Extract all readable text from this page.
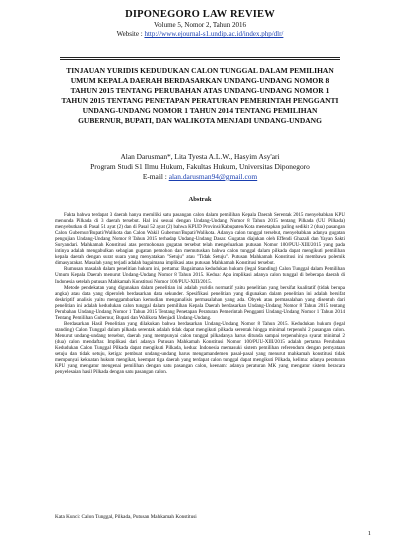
DIPONEGORO LAW REVIEW
Volume 5, Nomor 2, Tahun 2016
Website : http://www.ejournal-s1.undip.ac.id/index.php/dlr/
TINJAUAN YURIDIS KEDUDUKAN CALON TUNGGAL DALAM PEMILIHAN
UMUM KEPALA DAERAH BERDASARKAN UNDANG-UNDANG NOMOR 8
TAHUN 2015 TENTANG PERUBAHAN ATAS UNDANG-UNDANG NOMOR 1
TAHUN 2015 TENTANG PENETAPAN PERATURAN PEMERINTAH PENGGANTI
UNDANG-UNDANG NOMOR 1 TAHUN 2014 TENTANG PEMILIHAN
GUBERNUR, BUPATI, DAN WALIKOTA MENJADI UNDANG-UNDANG
Alan Darusman*, Lita Tyesta A.L.W., Hasyim Asy'ari
Program Studi S1 Ilmu Hukum, Fakultas Hukum, Universitas Diponegoro
E-mail : alan.darusman94@gmail.com
Abstrak

Fakta bahwa terdapat 3 daerah hanya memiliki satu pasangan calon dalam pemilihan Kepala Daerah Serentak 2015 menyebabkan KPU menunda Pilkada di 3 daerah tersebut. Hal ini sesuai dengan Undang-Undang Nomor 8 Tahun 2015 tentang Pilkada (UU Pilkada) menyebutkan di Pasal 51 ayat (2) dan di Pasal 52 ayat (2) bahwa KPUD Provinsi/Kabupaten/Kota menetapkan paling sedikit 2 (dua) pasangan Calon Gubernur/Bupati/Walikota dan Calon Wakil Gubernur/Bupati/Walikota. Adanya calon tunggal tersebut, menyebabkan adanya gugatan pengujian Undang-Undang Nomor 8 Tahun 2015 terhadap Undang-Undang Dasar. Gugatan diajukan oleh Effendi Ghazali dan Yayan Sakti Suryandari. Mahkamah Konstitusi atas permohonan gugatan tersebut telah mengeluarkan putusan Nomor 100/PUU-XIII/2015 yang pada intinya adalah mengabulkan sebagian gugatan pemohon dan memutuskan bahwa calon tunggal dalam pilkada dapat mengikuti pemilihan kepala daerah dengan surat suara yang menyatakan "Setuju" atau "Tidak Setuju". Putusan Mahkamah Konstitusi ini membawa polemik dimasyarakat. Masalah yang terjadi adalah bagaimana implikasi atas putusan Mahkamah Konstitusi tersebut.

Rumusan masalah dalam penelitian hukum ini, pertama: Bagaimana kedudukan hukum (legal Standing) Calon Tunggal dalam Pemilihan Umum Kepala Daerah menurut Undang-Undang Nomor 8 Tahun 2015. Kedua: Apa implikasi adanya calon tunggal di beberapa daerah di Indonesia setelah putusan Mahkamah Konstitusi Nomor 100/PUU-XIII/2015.

Metode pendekatan yang digunakan dalam penelitian ini adalah yuridis normatif yaitu penelitian yang bersifat kualitatif (tidak berupa angka) atau data yang diperoleh berdasarkan data sekunder. Spesifikasi penelitian yang digunakan dalam penelitian ini adalah bersifat deskriptif analisis yaitu menggambarkan kemudian menganalisis permasalahan yang ada. Obyek atau permasalahan yang disentuh dari penelitian ini adalah kedudukan calon tunggal dalam pemilihan Kepala Daerah berdasarkan Undang-Undang Nomor 8 Tahun 2015 tentang Perubahan Undang-Undang Nomor 1 Tahun 2015 Tentang Penetapan Peraturan Pemerintah Pengganti Undang-Undang Nomor 1 Tahun 2014 Tentang Pemilihan Gubernur, Bupati dan Walikota Menjadi Undang-Undang.

Berdasarkan Hasil Penelitian yang dilakukan bahwa berdasarkan Undang-Undang Nomor 8 Tahun 2015. Kedudukan hukum (legal standing) Calon Tunggal dalam pilkada serentak adalah tidak dapat mengikuti pilkada serentak hingga minimal terpenuhi 2 pasangan calon. Menurut undang-undang tersebut, daerah yang mempunyai calon tunggal pilkadanya harus ditunda sampai terpenuhinya syarat minimal 2 (dua) calon mendaftar. Implikasi dari adanya Putusan Mahkamah Konstitusi Nomor 100/PUU-XIII/2015 adalah pertama Perubahan Kedudukan Calon Tunggal Pilkada dapat mengikuti Pilkada, kedua: Indonesia memasuki sistem pemilihan referendum dengan pernyataan setuju dan tidak setuju, ketiga: pembuat undang-undang harus mengamandemen pasal-pasal yang menurut mahkamah konstitusi tidak mempunyai kekuatan hukum mengikat, keempat tiga daerah yang terdapat calon tunggal dapat mengikuti Pilkada, kelima: adanya peraturan KPU yang mengatur mengenai pemilihan dengan satu pasangan calon, keenam: adanya peraturan MK yang mengatur sistem beracara penyelesaian hasil Pilkada dengan satu pasangan calon.

Kata Kunci: Calon Tunggal, Pilkada, Putusan Mahkamah Konstitusi
1
